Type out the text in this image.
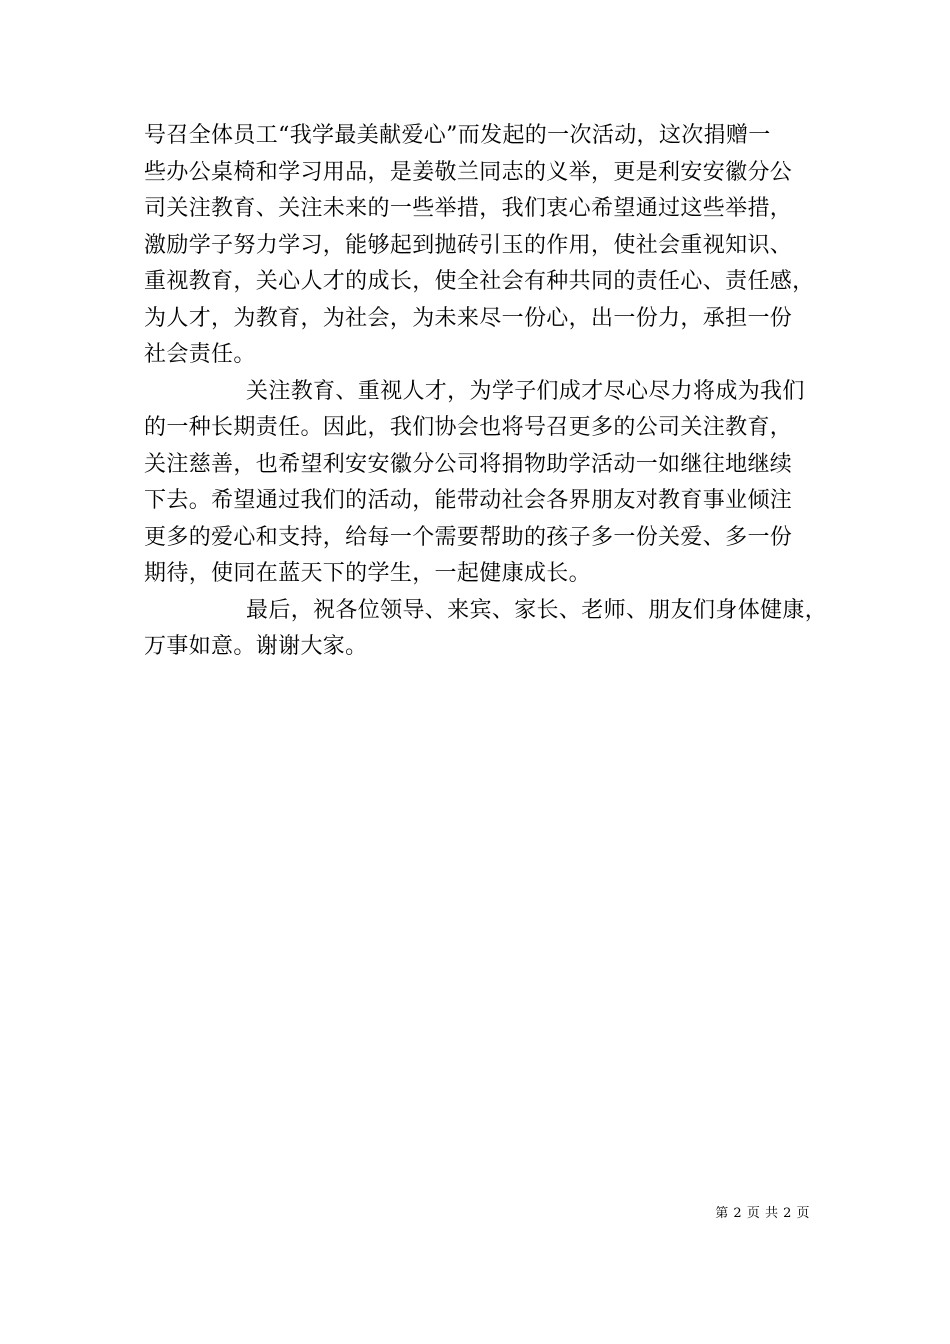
号召全体员工“我学最美献爱心”而发起的一次活动，这次捐赠一
些办公桌椅和学习用品，是姜敬兰同志的义举，更是利安安徽分公
司关注教育、关注未来的一些举措，我们衷心希望通过这些举措，
激励学子努力学习，能够起到抛砖引玉的作用，使社会重视知识、
重视教育，关心人才的成长，使全社会有种共同的责任心、责任感，
为人才，为教育，为社会，为未来尽一份心，出一份力，承担一份
社会责任。
关注教育、重视人才，为学子们成才尽心尽力将成为我们
的一种长期责任。因此，我们协会也将号召更多的公司关注教育，
关注慈善，也希望利安安徽分公司将捐物助学活动一如继往地继续
下去。希望通过我们的活动，能带动社会各界朋友对教育事业倾注
更多的爱心和支持，给每一个需要帮助的孩子多一份关爱、多一份
期待，使同在蓝天下的学生，一起健康成长。
最后，祝各位领导、来宾、家长、老师、朋友们身体健康，
万事如意。谢谢大家。
第 2 页 共 2 页
